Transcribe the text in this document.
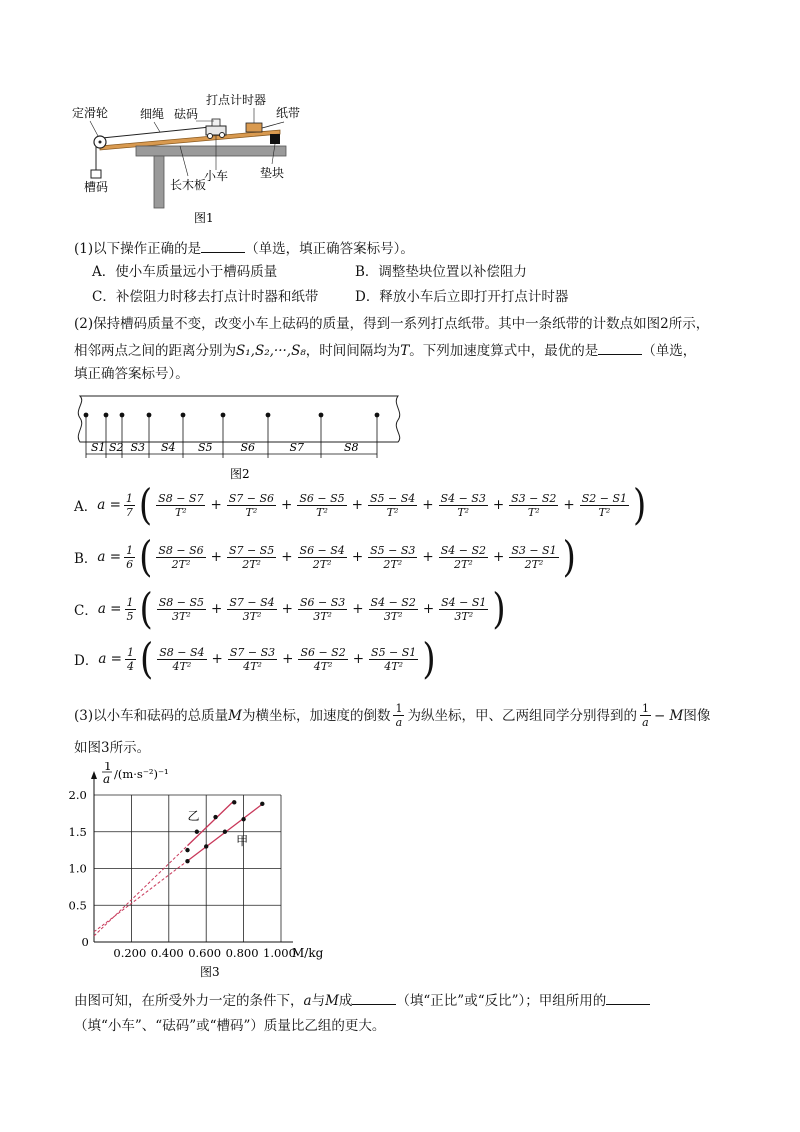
定滑轮	细绳 砝码
打点计时器
纸带
槽码	长木板
小车	垫块
图1
(1)以下操作正确的是	（单选，填正确答案标号）。
A．使小车质量远小于槽码质量	B．调整垫块位置以补偿阻力
C．补偿阻力时移去打点计时器和纸带	D．释放小车后立即打开打点计时器
(2)保持槽码质量不变，改变小车上砝码的质量，得到一系列打点纸带。其中一条纸带的计数点如图2所示，
相邻两点之间的距离分别为S₁,S₂,···,S₈，时间间隔均为T。下列加速度算式中，最优的是	（单选，
填正确答案标号）。
S1 S2 S3 S4 S5	S6	S7	S8
图2
A． $a = \frac{1}{7}$ ( $\frac{S8 - S7}{\text{T²}} + \frac{S7 - S6}{\text{T²}} + \frac{S6 - S5}{\text{T²}} + \frac{S5 - S4}{\text{T²}} + \frac{S4 - S3}{\text{T²}} + \frac{S3 - S2}{\text{T²}} + \frac{S2 - S1}{\text{T²}}$ )
B． $a = \frac{1}{6}$ ( $\frac{S8 - S6}{\text{2T²}} + \frac{S7 - S5}{\text{2T²}} + \frac{S6 - S4}{\text{2T²}} + \frac{S5 - S3}{\text{2T²}} + \frac{S4 - S2}{\text{2T²}} + \frac{S3 - S1}{\text{2T²}}$ )
C． $a = \frac{1}{5}$ ( $\frac{S8 - S5}{\text{3T²}} + \frac{S7 - S4}{\text{3T²}} + \frac{S6 - S3}{\text{3T²}} + \frac{S4 - S2}{\text{3T²}} + \frac{S4 - S1}{\text{3T²}}$ )
D． $a = \frac{1}{4}$ ( $\frac{S8 - S4}{\text{4T²}} + \frac{S7 - S3}{\text{4T²}} + \frac{S6 - S2}{\text{4T²}} + \frac{S5 - S1}{\text{4T²}}$ )
(3)以小车和砝码的总质量 M 为横坐标，加速度的倒数 $\frac{1}{a}$ 为纵坐标，甲、乙两组同学分别得到的 $\frac{1}{a} - M$ 图像
如图3所示。
0.200 0.400 0.600 0.800 1.000
0
0.5
1.0
1.5
2.0
乙
甲
1
a /(m·s⁻²)⁻¹
M/kg
图3
由图可知，在所受外力一定的条件下，a与M成	（填“正比”或“反比”）；甲组所用的
（填“小车”、“砝码”或“槽码”）质量比乙组的更大。
